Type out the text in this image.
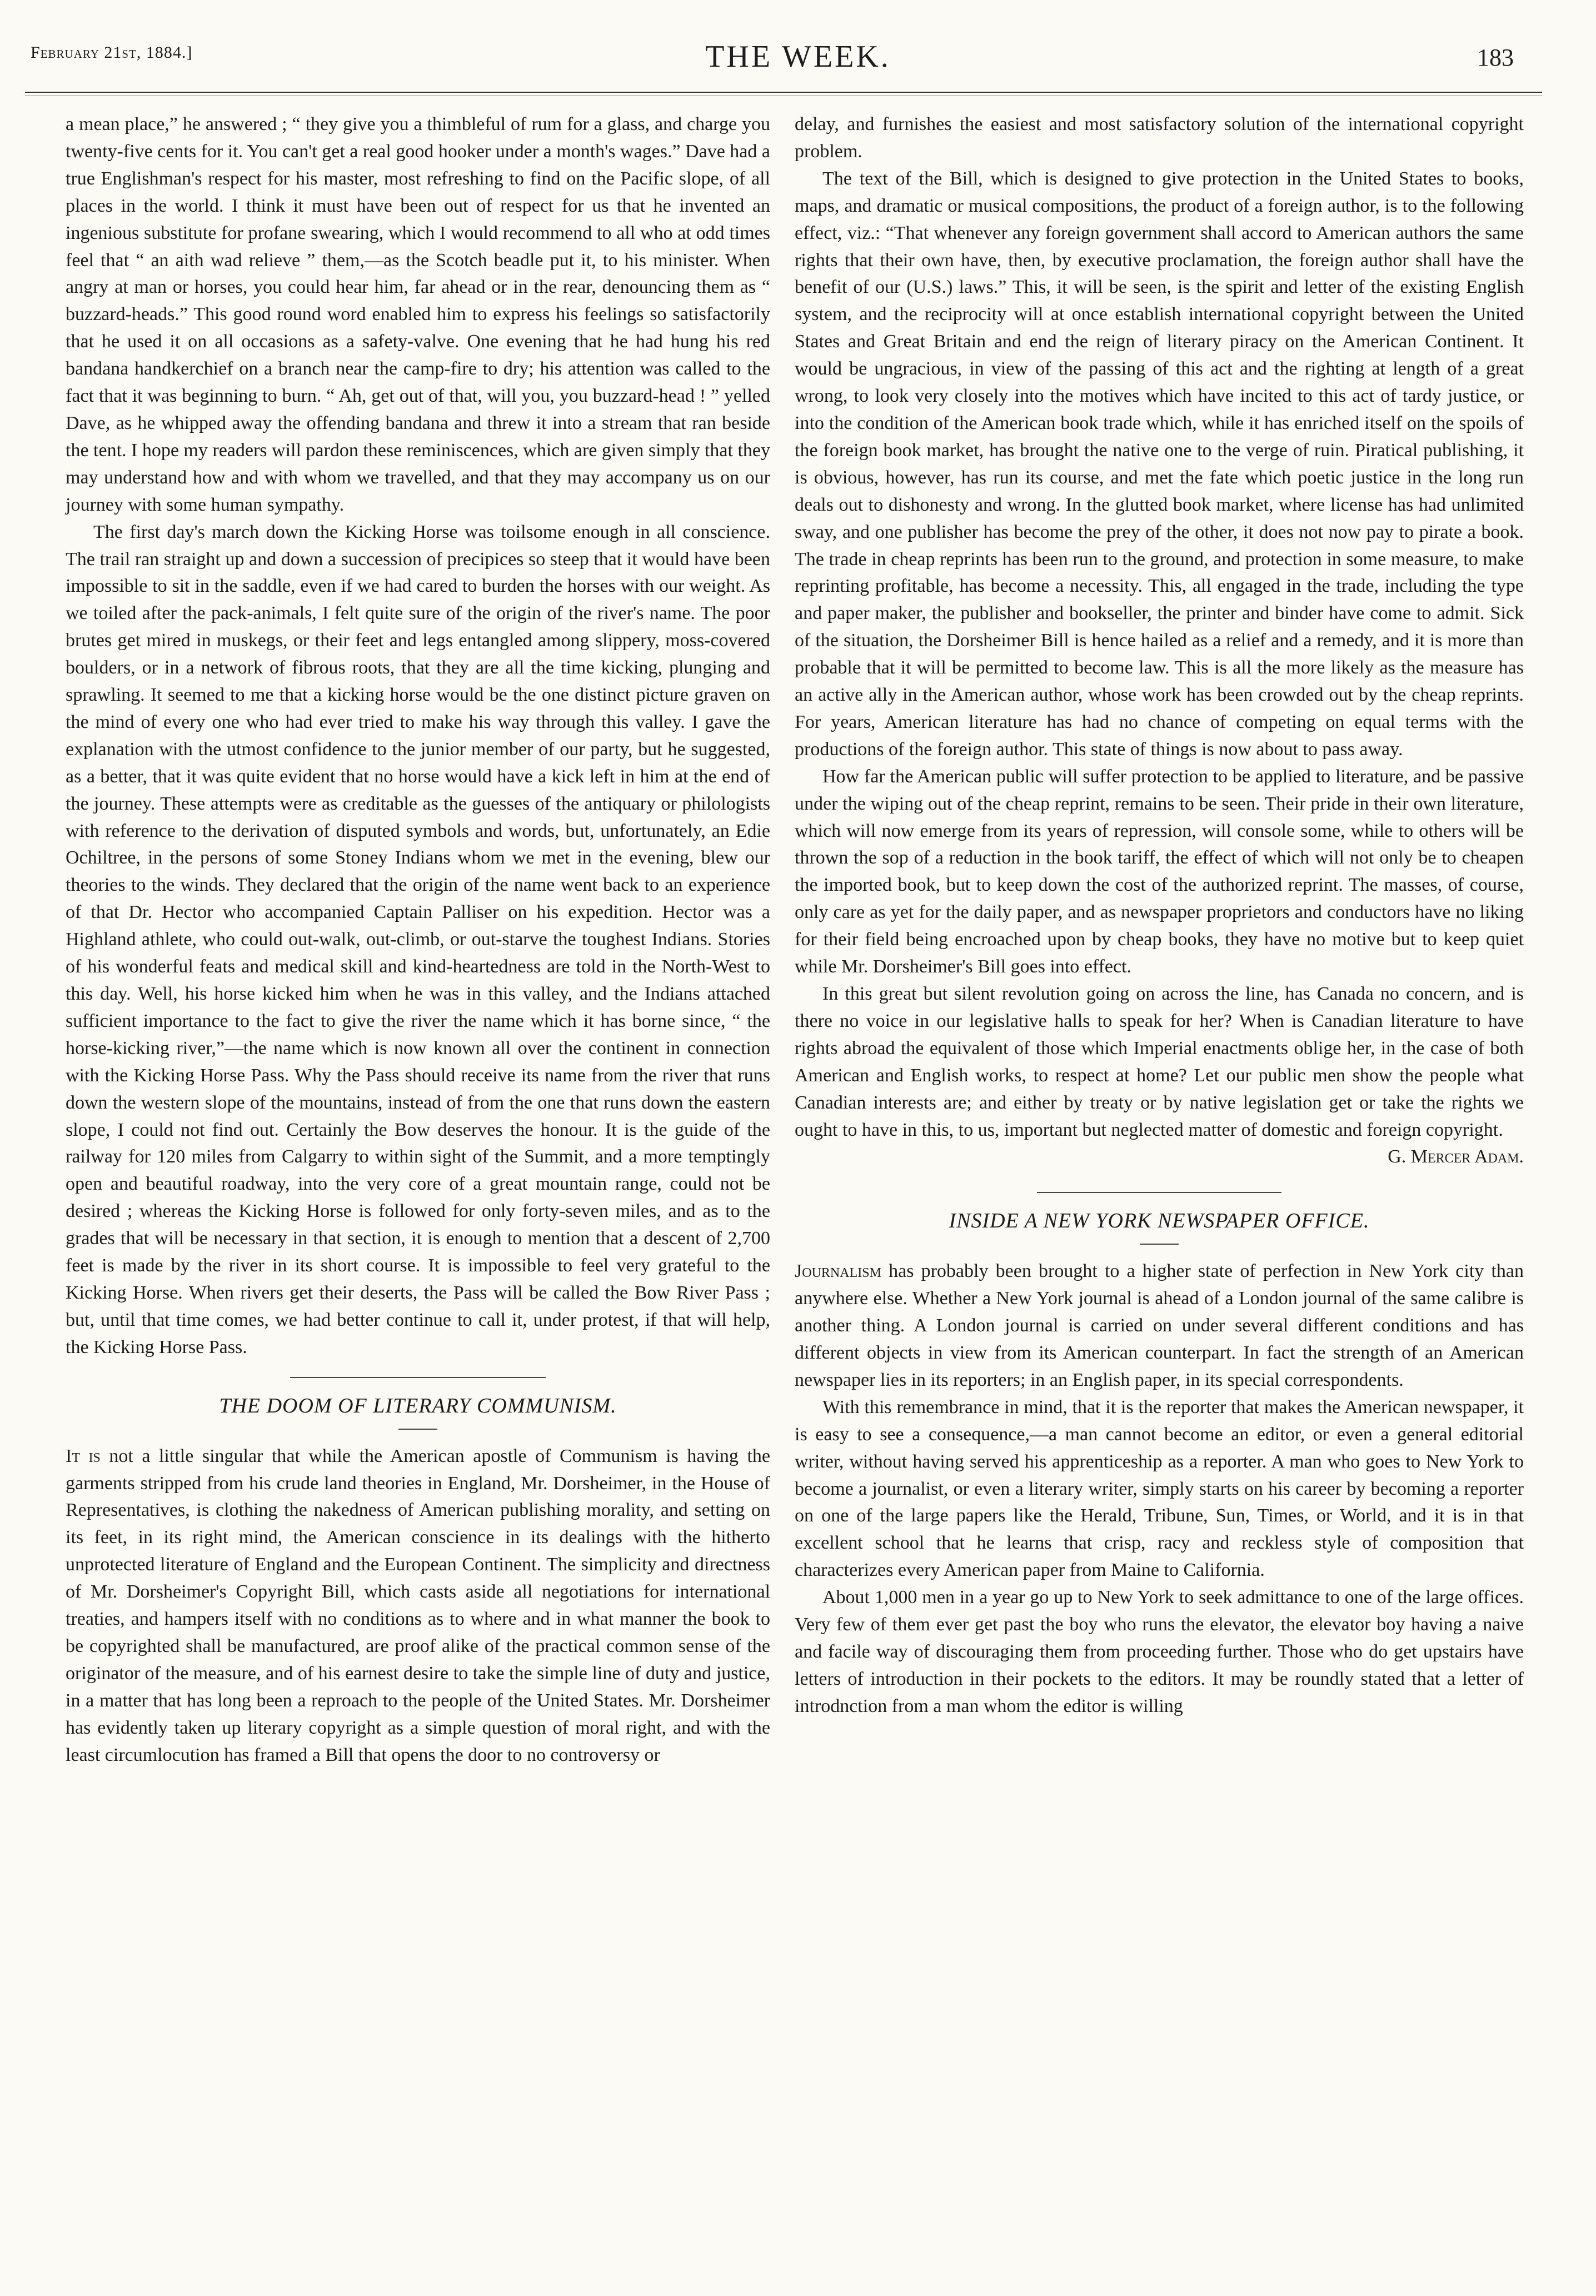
February 21st, 1884.]	THE WEEK.	183

a mean place,” he answered ; “ they give you a thimbleful of rum for a glass, and charge you twenty-five cents for it. You can't get a real good hooker under a month's wages.” Dave had a true Englishman's respect for his master, most refreshing to find on the Pacific slope, of all places in the world. I think it must have been out of respect for us that he invented an ingenious substitute for profane swearing, which I would recommend to all who at odd times feel that “ an aith wad relieve ” them,—as the Scotch beadle put it, to his minister. When angry at man or horses, you could hear him, far ahead or in the rear, denouncing them as “ buzzard-heads.” This good round word enabled him to express his feelings so satisfactorily that he used it on all occasions as a safety-valve. One evening that he had hung his red bandana handkerchief on a branch near the camp-fire to dry; his attention was called to the fact that it was beginning to burn. “ Ah, get out of that, will you, you buzzard-head ! ” yelled Dave, as he whipped away the offending bandana and threw it into a stream that ran beside the tent. I hope my readers will pardon these reminiscences, which are given simply that they may understand how and with whom we travelled, and that they may accompany us on our journey with some human sympathy.

The first day's march down the Kicking Horse was toilsome enough in all conscience. The trail ran straight up and down a succession of precipices so steep that it would have been impossible to sit in the saddle, even if we had cared to burden the horses with our weight. As we toiled after the pack-animals, I felt quite sure of the origin of the river's name. The poor brutes get mired in muskegs, or their feet and legs entangled among slippery, moss-covered boulders, or in a network of fibrous roots, that they are all the time kicking, plunging and sprawling. It seemed to me that a kicking horse would be the one distinct picture graven on the mind of every one who had ever tried to make his way through this valley. I gave the explanation with the utmost confidence to the junior member of our party, but he suggested, as a better, that it was quite evident that no horse would have a kick left in him at the end of the journey. These attempts were as creditable as the guesses of the antiquary or philologists with reference to the derivation of disputed symbols and words, but, unfortunately, an Edie Ochiltree, in the persons of some Stoney Indians whom we met in the evening, blew our theories to the winds. They declared that the origin of the name went back to an experience of that Dr. Hector who accompanied Captain Palliser on his expedition. Hector was a Highland athlete, who could out-walk, out-climb, or out-starve the toughest Indians. Stories of his wonderful feats and medical skill and kind-heartedness are told in the North-West to this day. Well, his horse kicked him when he was in this valley, and the Indians attached sufficient importance to the fact to give the river the name which it has borne since, “ the horse-kicking river,”—the name which is now known all over the continent in connection with the Kicking Horse Pass. Why the Pass should receive its name from the river that runs down the western slope of the mountains, instead of from the one that runs down the eastern slope, I could not find out. Certainly the Bow deserves the honour. It is the guide of the railway for 120 miles from Calgarry to within sight of the Summit, and a more temptingly open and beautiful roadway, into the very core of a great mountain range, could not be desired ; whereas the Kicking Horse is followed for only forty-seven miles, and as to the grades that will be necessary in that section, it is enough to mention that a descent of 2,700 feet is made by the river in its short course. It is impossible to feel very grateful to the Kicking Horse. When rivers get their deserts, the Pass will be called the Bow River Pass ; but, until that time comes, we had better continue to call it, under protest, if that will help, the Kicking Horse Pass.

THE DOOM OF LITERARY COMMUNISM.

It is not a little singular that while the American apostle of Communism is having the garments stripped from his crude land theories in England, Mr. Dorsheimer, in the House of Representatives, is clothing the nakedness of American publishing morality, and setting on its feet, in its right mind, the American conscience in its dealings with the hitherto unprotected literature of England and the European Continent. The simplicity and directness of Mr. Dorsheimer's Copyright Bill, which casts aside all negotiations for international treaties, and hampers itself with no conditions as to where and in what manner the book to be copyrighted shall be manufactured, are proof alike of the practical common sense of the originator of the measure, and of his earnest desire to take the simple line of duty and justice, in a matter that has long been a reproach to the people of the United States. Mr. Dorsheimer has evidently taken up literary copyright as a simple question of moral right, and with the least circumlocution has framed a Bill that opens the door to no controversy or

delay, and furnishes the easiest and most satisfactory solution of the international copyright problem.

The text of the Bill, which is designed to give protection in the United States to books, maps, and dramatic or musical compositions, the product of a foreign author, is to the following effect, viz.: “That whenever any foreign government shall accord to American authors the same rights that their own have, then, by executive proclamation, the foreign author shall have the benefit of our (U.S.) laws.” This, it will be seen, is the spirit and letter of the existing English system, and the reciprocity will at once establish international copyright between the United States and Great Britain and end the reign of literary piracy on the American Continent. It would be ungracious, in view of the passing of this act and the righting at length of a great wrong, to look very closely into the motives which have incited to this act of tardy justice, or into the condition of the American book trade which, while it has enriched itself on the spoils of the foreign book market, has brought the native one to the verge of ruin. Piratical publishing, it is obvious, however, has run its course, and met the fate which poetic justice in the long run deals out to dishonesty and wrong. In the glutted book market, where license has had unlimited sway, and one publisher has become the prey of the other, it does not now pay to pirate a book. The trade in cheap reprints has been run to the ground, and protection in some measure, to make reprinting profitable, has become a necessity. This, all engaged in the trade, including the type and paper maker, the publisher and bookseller, the printer and binder have come to admit. Sick of the situation, the Dorsheimer Bill is hence hailed as a relief and a remedy, and it is more than probable that it will be permitted to become law. This is all the more likely as the measure has an active ally in the American author, whose work has been crowded out by the cheap reprints. For years, American literature has had no chance of competing on equal terms with the productions of the foreign author. This state of things is now about to pass away.

How far the American public will suffer protection to be applied to literature, and be passive under the wiping out of the cheap reprint, remains to be seen. Their pride in their own literature, which will now emerge from its years of repression, will console some, while to others will be thrown the sop of a reduction in the book tariff, the effect of which will not only be to cheapen the imported book, but to keep down the cost of the authorized reprint. The masses, of course, only care as yet for the daily paper, and as newspaper proprietors and conductors have no liking for their field being encroached upon by cheap books, they have no motive but to keep quiet while Mr. Dorsheimer's Bill goes into effect.

In this great but silent revolution going on across the line, has Canada no concern, and is there no voice in our legislative halls to speak for her? When is Canadian literature to have rights abroad the equivalent of those which Imperial enactments oblige her, in the case of both American and English works, to respect at home? Let our public men show the people what Canadian interests are; and either by treaty or by native legislation get or take the rights we ought to have in this, to us, important but neglected matter of domestic and foreign copyright.

G. Mercer Adam.

INSIDE A NEW YORK NEWSPAPER OFFICE.

Journalism has probably been brought to a higher state of perfection in New York city than anywhere else. Whether a New York journal is ahead of a London journal of the same calibre is another thing. A London journal is carried on under several different conditions and has different objects in view from its American counterpart. In fact the strength of an American newspaper lies in its reporters; in an English paper, in its special correspondents.

With this remembrance in mind, that it is the reporter that makes the American newspaper, it is easy to see a consequence,—a man cannot become an editor, or even a general editorial writer, without having served his apprenticeship as a reporter. A man who goes to New York to become a journalist, or even a literary writer, simply starts on his career by becoming a reporter on one of the large papers like the Herald, Tribune, Sun, Times, or World, and it is in that excellent school that he learns that crisp, racy and reckless style of composition that characterizes every American paper from Maine to California.

About 1,000 men in a year go up to New York to seek admittance to one of the large offices. Very few of them ever get past the boy who runs the elevator, the elevator boy having a naive and facile way of discouraging them from proceeding further. Those who do get upstairs have letters of introduction in their pockets to the editors. It may be roundly stated that a letter of introdnction from a man whom the editor is willing
